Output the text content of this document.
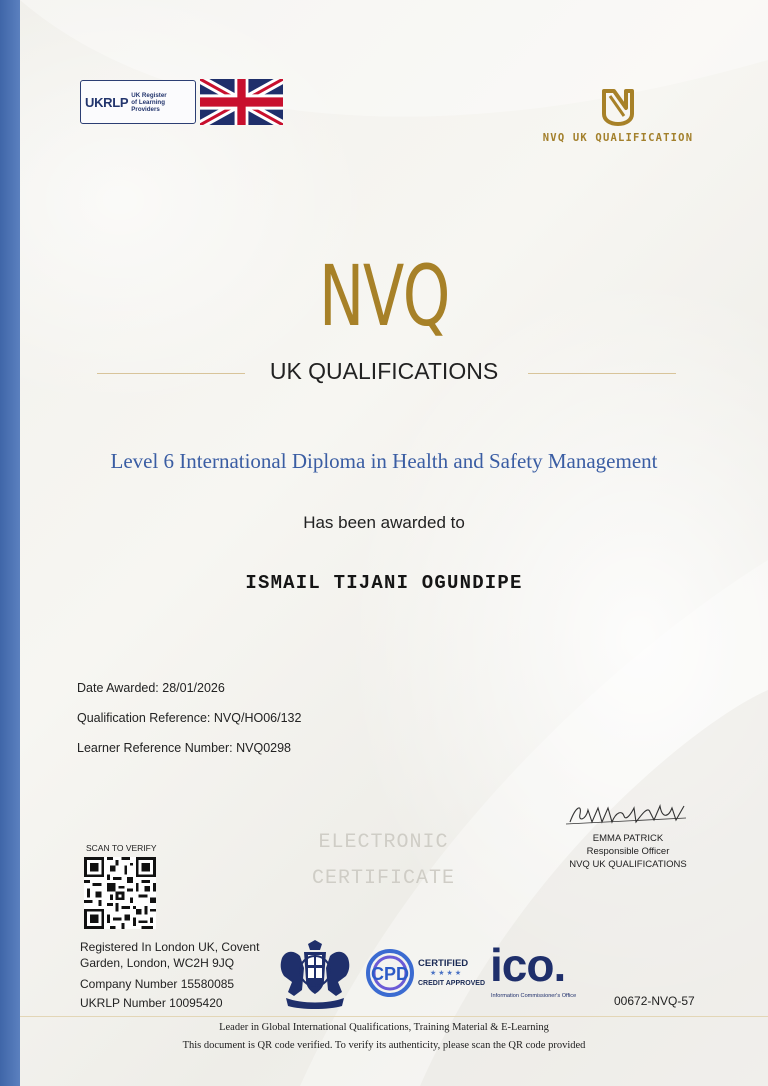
UKRLP UK Register
of Learning
Providers
NVQ UK QUALIFICATION
NVQ
UK QUALIFICATIONS
Level 6 International Diploma in Health and Safety Management
Has been awarded to
ISMAIL TIJANI OGUNDIPE
Date Awarded: 28/01/2026
Qualification Reference: NVQ/HO06/132
Learner Reference Number: NVQ0298
ELECTRONIC
CERTIFICATE
EMMA PATRICK
Responsible Officer
NVQ UK QUALIFICATIONS
SCAN TO VERIFY
Registered In London UK, Covent
Garden, London, WC2H 9JQ
Company Number 15580085
UKRLP Number 10095420
CPD
CERTIFIED
★★★★
CREDIT APPROVED ico.
Information Commissioner's Office	00672-NVQ-57
Leader in Global International Qualifications, Training Material & E-Learning
This document is QR code verified. To verify its authenticity, please scan the QR code provided
